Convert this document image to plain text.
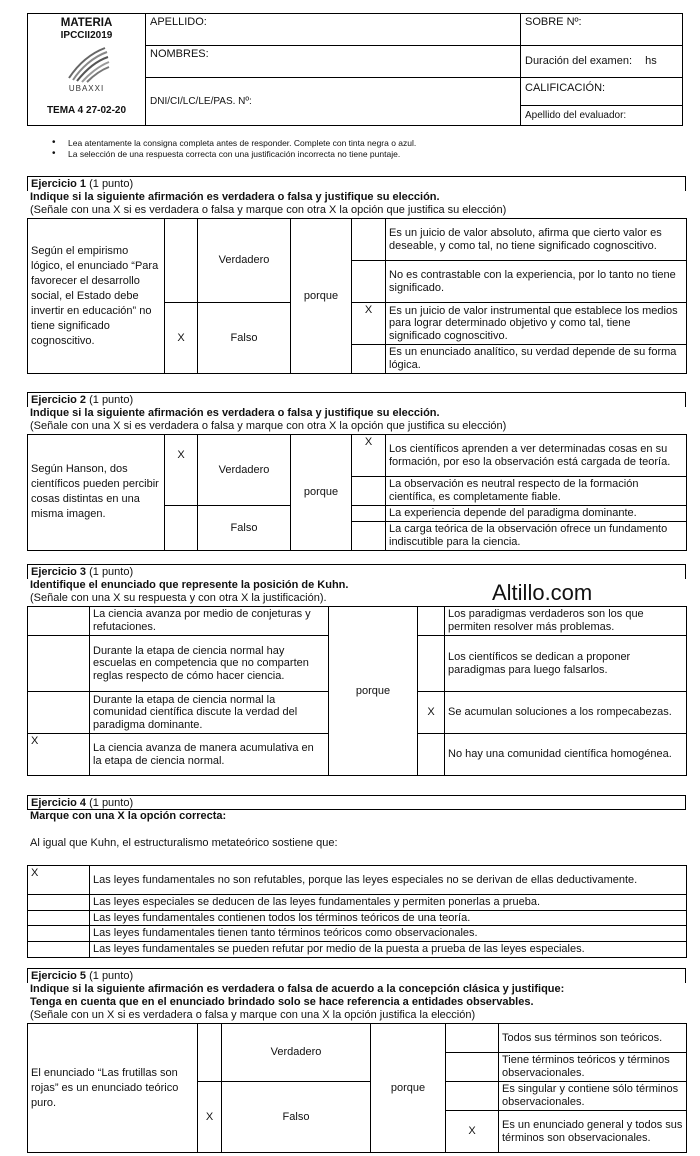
MATERIA
IPCCII2019
UBAXXI
TEMA 4 27-02-20	APELLIDO:	SOBRE Nº:
	NOMBRES:	Duración del examen: hs
	DNI/CI/LC/LE/PAS. Nº:	CALIFICACIÓN:
Apellido del evaluador:
• Lea atentamente la consigna completa antes de responder. Complete con tinta negra o azul.
• La selección de una respuesta correcta con una justificación incorrecta no tiene puntaje.
Ejercicio 1 (1 punto)
Indique si la siguiente afirmación es verdadera o falsa y justifique su elección.
(Señale con una X si es verdadera o falsa y marque con otra X la opción que justifica su elección)
Según el empirismo lógico, el enunciado “Para favorecer el desarrollo social, el Estado debe invertir en educación” no tiene significado cognoscitivo.		Verdadero	porque		Es un juicio de valor absoluto, afirma que cierto valor es deseable, y como tal, no tiene significado cognoscitivo.
					No es contrastable con la experiencia, por lo tanto no tiene significado.
	X	Falso		X	Es un juicio de valor instrumental que establece los medios para lograr determinado objetivo y como tal, tiene significado cognoscitivo.
					Es un enunciado analítico, su verdad depende de su forma lógica.
Ejercicio 2 (1 punto)
Indique si la siguiente afirmación es verdadera o falsa y justifique su elección.
(Señale con una X si es verdadera o falsa y marque con otra X la opción que justifica su elección)
Según Hanson, dos científicos pueden percibir cosas distintas en una misma imagen.	X	Verdadero	porque	X	Los científicos aprenden a ver determinadas cosas en su formación, por eso la observación está cargada de teoría.
					La observación es neutral respecto de la formación científica, es completamente fiable.
		Falso			La experiencia depende del paradigma dominante.
					La carga teórica de la observación ofrece un fundamento indiscutible para la ciencia.
Ejercicio 3 (1 punto)
Identifique el enunciado que represente la posición de Kuhn.
(Señale con una X su respuesta y con otra X la justificación).
	La ciencia avanza por medio de conjeturas y refutaciones.	porque		Los paradigmas verdaderos son los que permiten resolver más problemas.
	Durante la etapa de ciencia normal hay escuelas en competencia que no comparten reglas respecto de cómo hacer ciencia.			Los científicos se dedican a proponer paradigmas para luego falsarlos.
	Durante la etapa de ciencia normal la comunidad científica discute la verdad del paradigma dominante.		X	Se acumulan soluciones a los rompecabezas.
X	La ciencia avanza de manera acumulativa en la etapa de ciencia normal.			No hay una comunidad científica homogénea.
Altillo.com
Ejercicio 4 (1 punto)
Marque con una X la opción correcta:
Al igual que Kuhn, el estructuralismo metateórico sostiene que:
X	Las leyes fundamentales no son refutables, porque las leyes especiales no se derivan de ellas deductivamente.
	Las leyes especiales se deducen de las leyes fundamentales y permiten ponerlas a prueba.
	Las leyes fundamentales contienen todos los términos teóricos de una teoría.
	Las leyes fundamentales tienen tanto términos teóricos como observacionales.
	Las leyes fundamentales se pueden refutar por medio de la puesta a prueba de las leyes especiales.
Ejercicio 5 (1 punto)
Indique si la siguiente afirmación es verdadera o falsa de acuerdo a la concepción clásica y justifique:
Tenga en cuenta que en el enunciado brindado solo se hace referencia a entidades observables.
(Señale con un X si es verdadera o falsa y marque con una X la opción justifica la elección)
El enunciado “Las frutillas son rojas” es un enunciado teórico puro.		Verdadero	porque		Todos sus términos son teóricos.
					Tiene términos teóricos y términos observacionales.
	X	Falso			Es singular y contiene sólo términos observacionales.
				X	Es un enunciado general y todos sus términos son observacionales.
